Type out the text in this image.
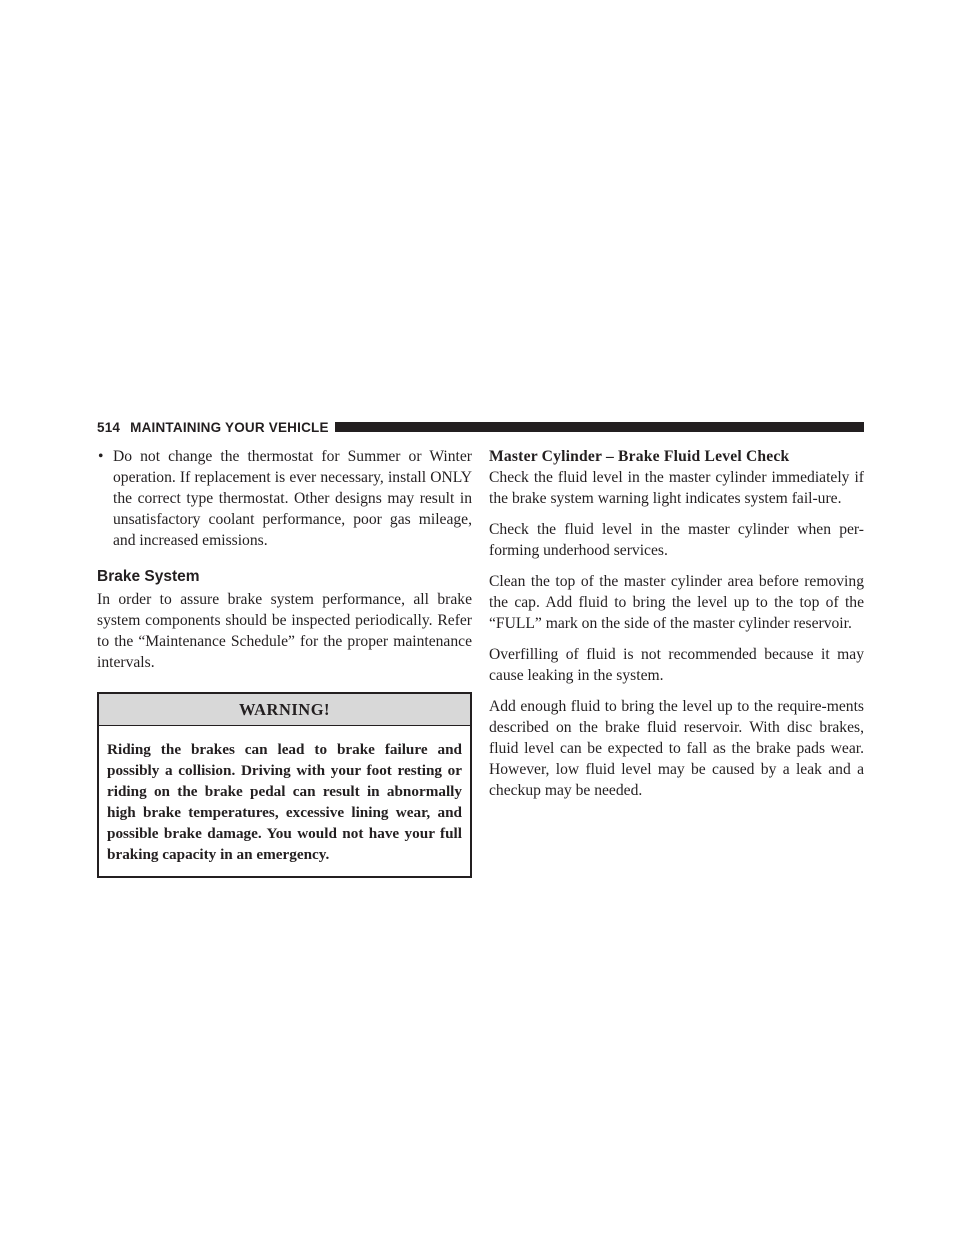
514 MAINTAINING YOUR VEHICLE
• Do not change the thermostat for Summer or Winter operation. If replacement is ever necessary, install ONLY the correct type thermostat. Other designs may result in unsatisfactory coolant performance, poor gas mileage, and increased emissions.

Brake System

In order to assure brake system performance, all brake system components should be inspected periodically. Refer to the “Maintenance Schedule” for the proper maintenance intervals.

WARNING!
Riding the brakes can lead to brake failure and possibly a collision. Driving with your foot resting or riding on the brake pedal can result in abnormally high brake temperatures, excessive lining wear, and possible brake damage. You would not have your full braking capacity in an emergency.
Master Cylinder – Brake Fluid Level Check

Check the fluid level in the master cylinder immediately if the brake system warning light indicates system fail-ure.

Check the fluid level in the master cylinder when per-forming underhood services.

Clean the top of the master cylinder area before removing the cap. Add fluid to bring the level up to the top of the “FULL” mark on the side of the master cylinder reservoir.

Overfilling of fluid is not recommended because it may cause leaking in the system.

Add enough fluid to bring the level up to the require-ments described on the brake fluid reservoir. With disc brakes, fluid level can be expected to fall as the brake pads wear. However, low fluid level may be caused by a leak and a checkup may be needed.
